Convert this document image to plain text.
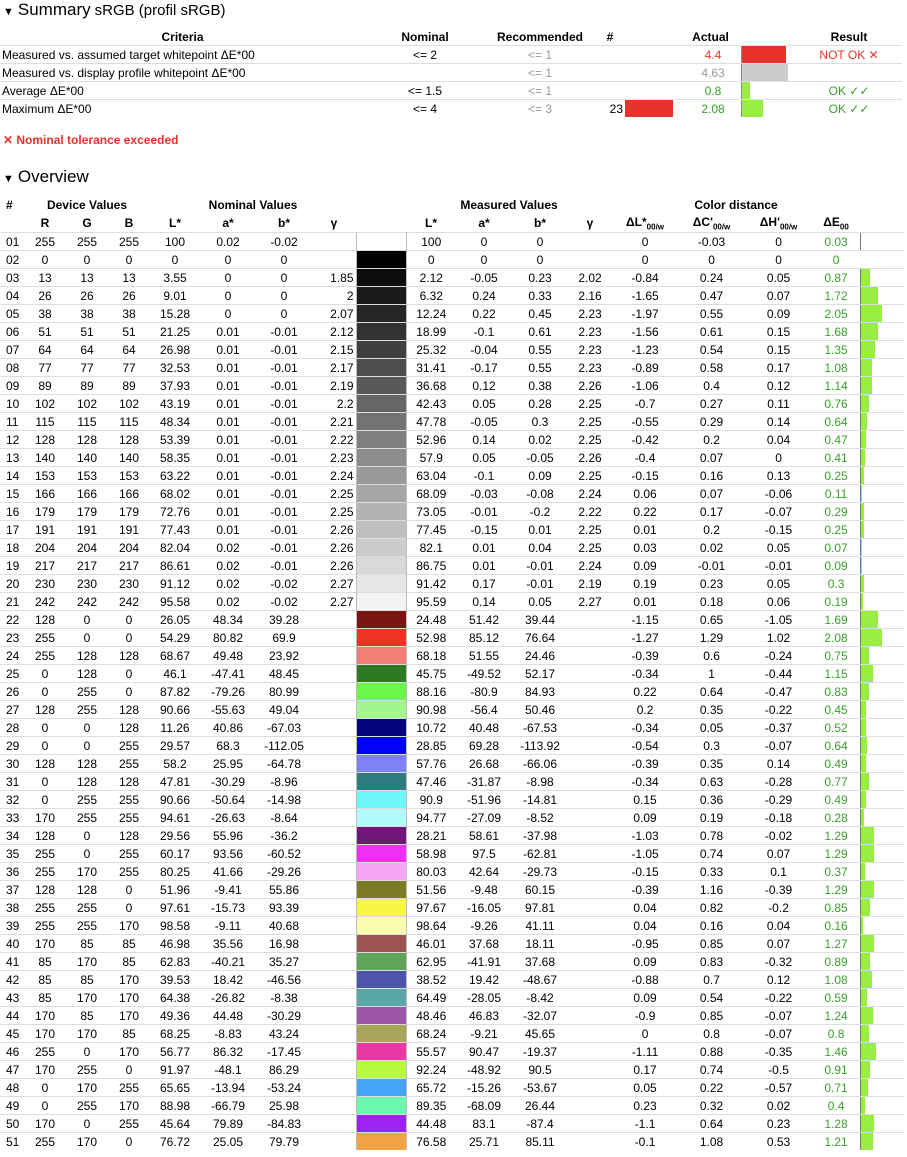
▼ Summary sRGB (profil sRGB)
Criteria	Nominal	Recommended	#	Actual			Result
Measured vs. assumed target whitepoint ΔE*00	<= 2	<= 1			4.4		NOT OK ✕
Measured vs. display profile whitepoint ΔE*00		<= 1			4.63		
Average ΔE*00	<= 1.5	<= 1			0.8		OK ✓✓
Maximum ΔE*00	<= 4	<= 3	23		2.08		OK ✓✓
✕ Nominal tolerance exceeded
▼ Overview
#	Device Values			Nominal Values					Measured Values				Color distance				
	R	G	B	L*	a*	b*	γ		L*	a*	b*	γ	$\Delta L*_{00/w}$	$\Delta C'_{00/w}$	$\Delta H'_{00/w}$	$\Delta E_{00}$	
01	255	255	255	100	0.02	-0.02			100	0	0		0	-0.03	0	0.03	

02	0	0	0	0	0	0			0	0	0		0	0	0	0	

03	13	13	13	3.55	0	0	1.85		2.12	-0.05	0.23	2.02	-0.84	0.24	0.05	0.87	

04	26	26	26	9.01	0	0	2		6.32	0.24	0.33	2.16	-1.65	0.47	0.07	1.72	

05	38	38	38	15.28	0	0	2.07		12.24	0.22	0.45	2.23	-1.97	0.55	0.09	2.05	

06	51	51	51	21.25	0.01	-0.01	2.12		18.99	-0.1	0.61	2.23	-1.56	0.61	0.15	1.68	

07	64	64	64	26.98	0.01	-0.01	2.15		25.32	-0.04	0.55	2.23	-1.23	0.54	0.15	1.35	

08	77	77	77	32.53	0.01	-0.01	2.17		31.41	-0.17	0.55	2.23	-0.89	0.58	0.17	1.08	

09	89	89	89	37.93	0.01	-0.01	2.19		36.68	0.12	0.38	2.26	-1.06	0.4	0.12	1.14	

10	102	102	102	43.19	0.01	-0.01	2.2		42.43	0.05	0.28	2.25	-0.7	0.27	0.11	0.76	

11	115	115	115	48.34	0.01	-0.01	2.21		47.78	-0.05	0.3	2.25	-0.55	0.29	0.14	0.64	

12	128	128	128	53.39	0.01	-0.01	2.22		52.96	0.14	0.02	2.25	-0.42	0.2	0.04	0.47	

13	140	140	140	58.35	0.01	-0.01	2.23		57.9	0.05	-0.05	2.26	-0.4	0.07	0	0.41	

14	153	153	153	63.22	0.01	-0.01	2.24		63.04	-0.1	0.09	2.25	-0.15	0.16	0.13	0.25	

15	166	166	166	68.02	0.01	-0.01	2.25		68.09	-0.03	-0.08	2.24	0.06	0.07	-0.06	0.11	

16	179	179	179	72.76	0.01	-0.01	2.25		73.05	-0.01	-0.2	2.22	0.22	0.17	-0.07	0.29	

17	191	191	191	77.43	0.01	-0.01	2.26		77.45	-0.15	0.01	2.25	0.01	0.2	-0.15	0.25	

18	204	204	204	82.04	0.02	-0.01	2.26		82.1	0.01	0.04	2.25	0.03	0.02	0.05	0.07	

19	217	217	217	86.61	0.02	-0.01	2.26		86.75	0.01	-0.01	2.24	0.09	-0.01	-0.01	0.09	

20	230	230	230	91.12	0.02	-0.02	2.27		91.42	0.17	-0.01	2.19	0.19	0.23	0.05	0.3	

21	242	242	242	95.58	0.02	-0.02	2.27		95.59	0.14	0.05	2.27	0.01	0.18	0.06	0.19	

22	128	0	0	26.05	48.34	39.28			24.48	51.42	39.44		-1.15	0.65	-1.05	1.69	

23	255	0	0	54.29	80.82	69.9			52.98	85.12	76.64		-1.27	1.29	1.02	2.08	

24	255	128	128	68.67	49.48	23.92			68.18	51.55	24.46		-0.39	0.6	-0.24	0.75	

25	0	128	0	46.1	-47.41	48.45			45.75	-49.52	52.17		-0.34	1	-0.44	1.15	

26	0	255	0	87.82	-79.26	80.99			88.16	-80.9	84.93		0.22	0.64	-0.47	0.83	

27	128	255	128	90.66	-55.63	49.04			90.98	-56.4	50.46		0.2	0.35	-0.22	0.45	

28	0	0	128	11.26	40.86	-67.03			10.72	40.48	-67.53		-0.34	0.05	-0.37	0.52	

29	0	0	255	29.57	68.3	-112.05			28.85	69.28	-113.92		-0.54	0.3	-0.07	0.64	

30	128	128	255	58.2	25.95	-64.78			57.76	26.68	-66.06		-0.39	0.35	0.14	0.49	

31	0	128	128	47.81	-30.29	-8.96			47.46	-31.87	-8.98		-0.34	0.63	-0.28	0.77	

32	0	255	255	90.66	-50.64	-14.98			90.9	-51.96	-14.81		0.15	0.36	-0.29	0.49	

33	170	255	255	94.61	-26.63	-8.64			94.77	-27.09	-8.52		0.09	0.19	-0.18	0.28	

34	128	0	128	29.56	55.96	-36.2			28.21	58.61	-37.98		-1.03	0.78	-0.02	1.29	

35	255	0	255	60.17	93.56	-60.52			58.98	97.5	-62.81		-1.05	0.74	0.07	1.29	

36	255	170	255	80.25	41.66	-29.26			80.03	42.64	-29.73		-0.15	0.33	0.1	0.37	

37	128	128	0	51.96	-9.41	55.86			51.56	-9.48	60.15		-0.39	1.16	-0.39	1.29	

38	255	255	0	97.61	-15.73	93.39			97.67	-16.05	97.81		0.04	0.82	-0.2	0.85	

39	255	255	170	98.58	-9.11	40.68			98.64	-9.26	41.11		0.04	0.16	0.04	0.16	

40	170	85	85	46.98	35.56	16.98			46.01	37.68	18.11		-0.95	0.85	0.07	1.27	

41	85	170	85	62.83	-40.21	35.27			62.95	-41.91	37.68		0.09	0.83	-0.32	0.89	

42	85	85	170	39.53	18.42	-46.56			38.52	19.42	-48.67		-0.88	0.7	0.12	1.08	

43	85	170	170	64.38	-26.82	-8.38			64.49	-28.05	-8.42		0.09	0.54	-0.22	0.59	

44	170	85	170	49.36	44.48	-30.29			48.46	46.83	-32.07		-0.9	0.85	-0.07	1.24	

45	170	170	85	68.25	-8.83	43.24			68.24	-9.21	45.65		0	0.8	-0.07	0.8	

46	255	0	170	56.77	86.32	-17.45			55.57	90.47	-19.37		-1.11	0.88	-0.35	1.46	

47	170	255	0	91.97	-48.1	86.29			92.24	-48.92	90.5		0.17	0.74	-0.5	0.91	

48	0	170	255	65.65	-13.94	-53.24			65.72	-15.26	-53.67		0.05	0.22	-0.57	0.71	

49	0	255	170	88.98	-66.79	25.98			89.35	-68.09	26.44		0.23	0.32	0.02	0.4	

50	170	0	255	45.64	79.89	-84.83			44.48	83.1	-87.4		-1.1	0.64	0.23	1.28	

51	255	170	0	76.72	25.05	79.79			76.58	25.71	85.11		-0.1	1.08	0.53	1.21	
